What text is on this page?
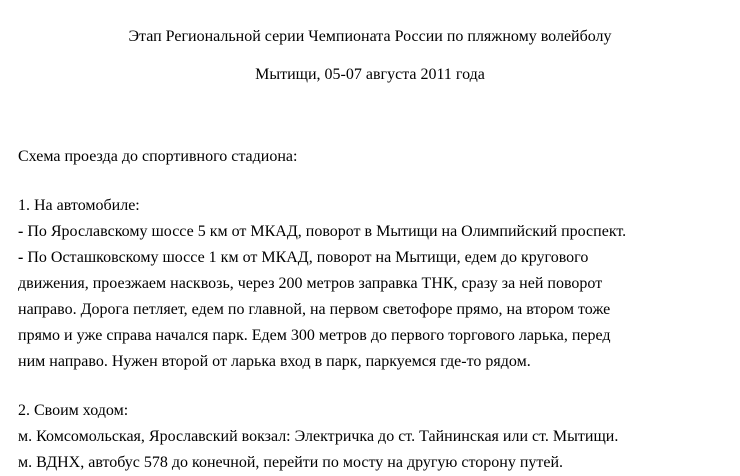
Этап Региональной серии Чемпионата России по пляжному волейболу
Мытищи, 05-07 августа 2011 года
Схема проезда до спортивного стадиона:
1. На автомобиле:
- По Ярославскому шоссе 5 км от МКАД, поворот в Мытищи на Олимпийский проспект.
- По Осташковскому шоссе 1 км от МКАД, поворот на Мытищи, едем до кругового
движения, проезжаем насквозь, через 200 метров заправка ТНК, сразу за ней поворот
направо. Дорога петляет, едем по главной, на первом светофоре прямо, на втором тоже
прямо и уже справа начался парк. Едем 300 метров до первого торгового ларька, перед
ним направо. Нужен второй от ларька вход в парк, паркуемся где-то рядом.
2. Своим ходом:
м. Комсомольская, Ярославский вокзал: Электричка до ст. Тайнинская или ст. Мытищи.
м. ВДНХ, автобус 578 до конечной, перейти по мосту на другую сторону путей.
